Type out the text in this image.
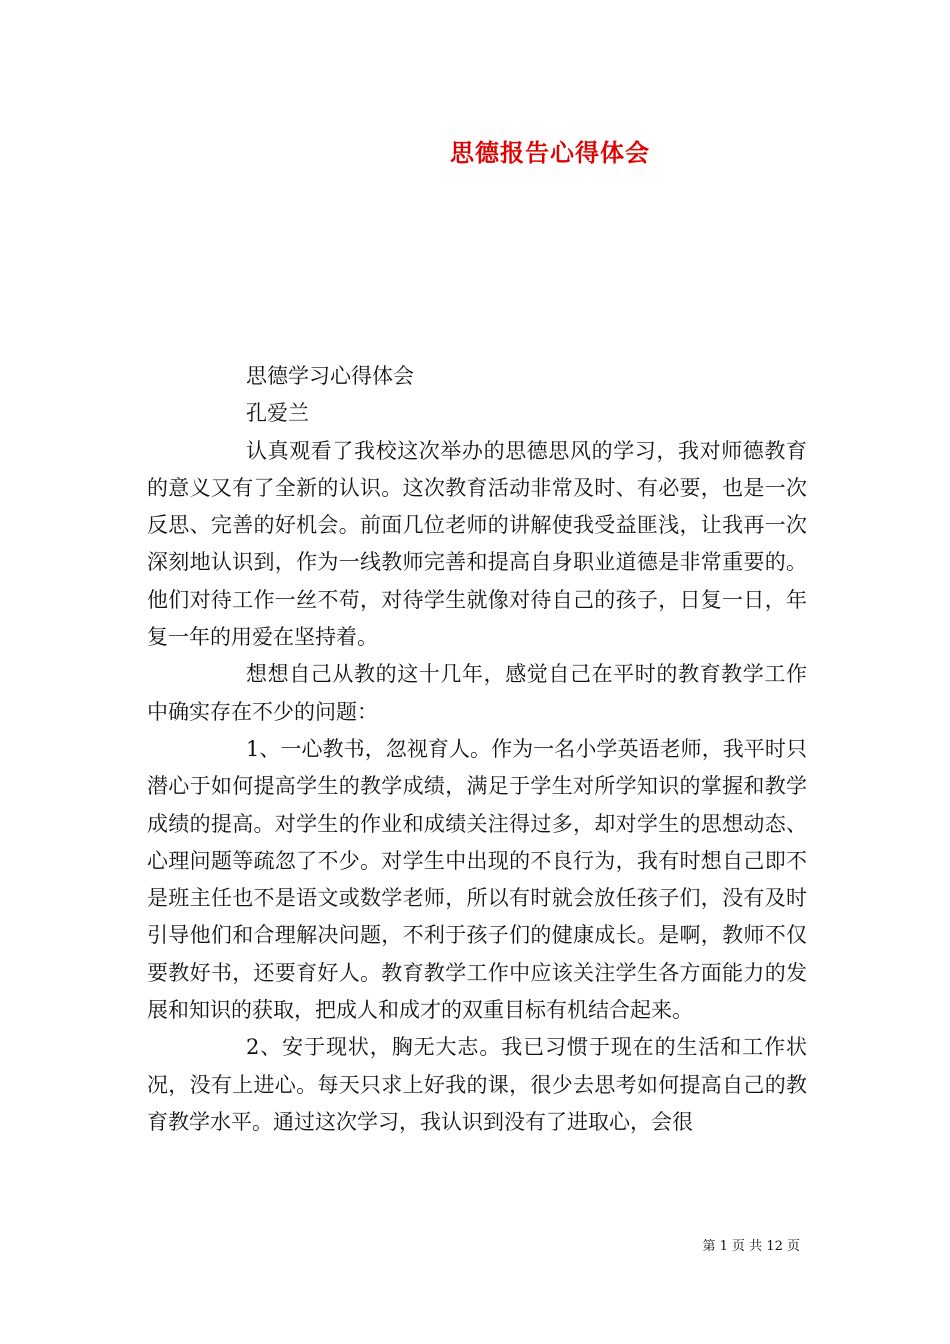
思德报告心得体会

思德学习心得体会

孔爱兰

认真观看了我校这次举办的思德思风的学习，我对师德教育的意义又有了全新的认识。这次教育活动非常及时、有必要，也是一次反思、完善的好机会。前面几位老师的讲解使我受益匪浅，让我再一次深刻地认识到，作为一线教师完善和提高自身职业道德是非常重要的。他们对待工作一丝不苟，对待学生就像对待自己的孩子，日复一日，年复一年的用爱在坚持着。

想想自己从教的这十几年，感觉自己在平时的教育教学工作中确实存在不少的问题：

1、一心教书，忽视育人。作为一名小学英语老师，我平时只潜心于如何提高学生的教学成绩，满足于学生对所学知识的掌握和教学成绩的提高。对学生的作业和成绩关注得过多，却对学生的思想动态、心理问题等疏忽了不少。对学生中出现的不良行为，我有时想自己即不是班主任也不是语文或数学老师，所以有时就会放任孩子们，没有及时引导他们和合理解决问题，不利于孩子们的健康成长。是啊，教师不仅要教好书，还要育好人。教育教学工作中应该关注学生各方面能力的发展和知识的获取，把成人和成才的双重目标有机结合起来。

2、安于现状，胸无大志。我已习惯于现在的生活和工作状况，没有上进心。每天只求上好我的课，很少去思考如何提高自己的教育教学水平。通过这次学习，我认识到没有了进取心，会很

第 1 页 共 12 页
